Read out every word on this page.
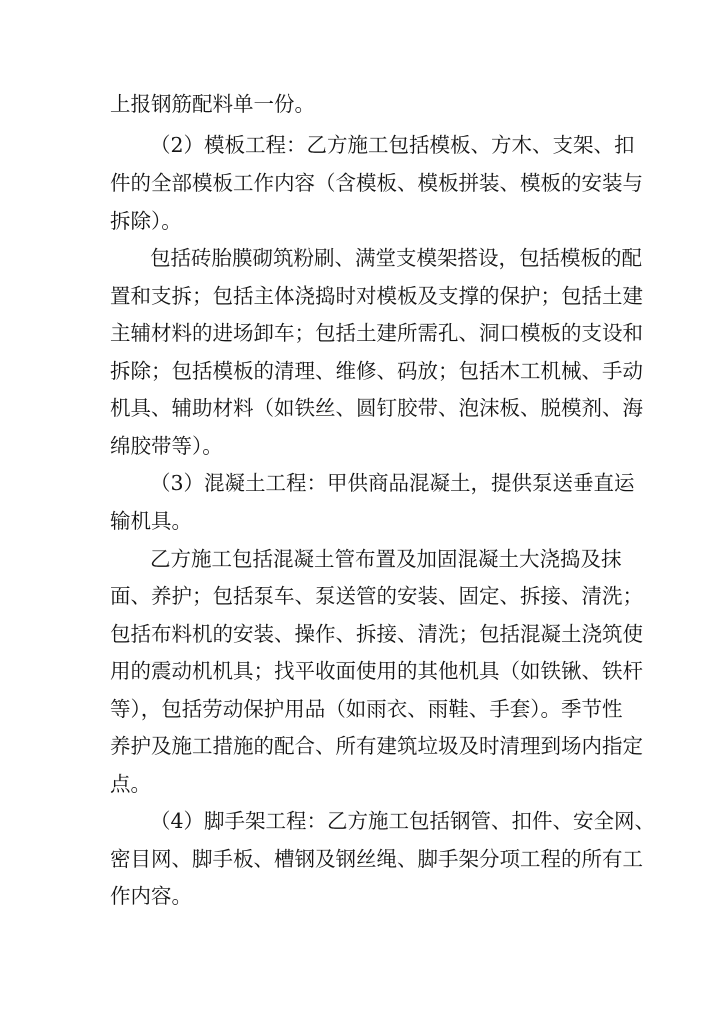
上报钢筋配料单一份。
（2）模板工程：乙方施工包括模板、方木、支架、扣
件的全部模板工作内容（含模板、模板拼装、模板的安装与
拆除）。
包括砖胎膜砌筑粉刷、满堂支模架搭设，包括模板的配
置和支拆；包括主体浇捣时对模板及支撑的保护；包括土建
主辅材料的进场卸车；包括土建所需孔、洞口模板的支设和
拆除；包括模板的清理、维修、码放；包括木工机械、手动
机具、辅助材料（如铁丝、圆钉胶带、泡沫板、脱模剂、海
绵胶带等）。
（3）混凝土工程：甲供商品混凝土，提供泵送垂直运
输机具。
乙方施工包括混凝土管布置及加固混凝土大浇捣及抹
面、养护；包括泵车、泵送管的安装、固定、拆接、清洗；
包括布料机的安装、操作、拆接、清洗；包括混凝土浇筑使
用的震动机机具；找平收面使用的其他机具（如铁锹、铁杆
等），包括劳动保护用品（如雨衣、雨鞋、手套）。季节性
养护及施工措施的配合、所有建筑垃圾及时清理到场内指定
点。
（4）脚手架工程：乙方施工包括钢管、扣件、安全网、
密目网、脚手板、槽钢及钢丝绳、脚手架分项工程的所有工
作内容。
